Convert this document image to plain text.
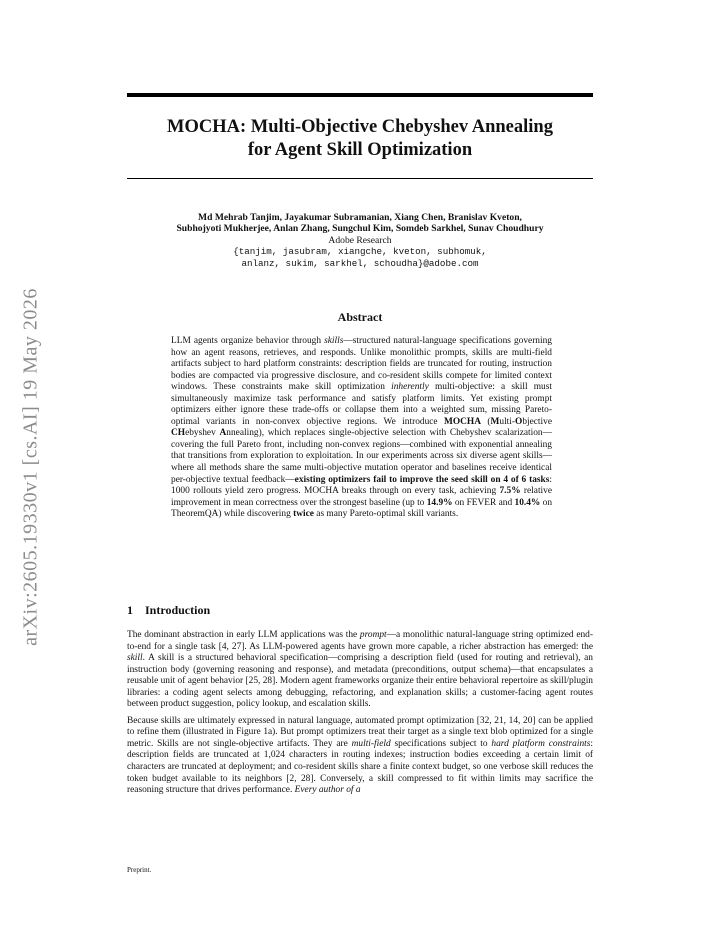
arXiv:2605.19330v1 [cs.AI] 19 May 2026
MOCHA: Multi-Objective Chebyshev Annealing
for Agent Skill Optimization
Md Mehrab Tanjim, Jayakumar Subramanian, Xiang Chen, Branislav Kveton,
Subhojyoti Mukherjee, Anlan Zhang, Sungchul Kim, Somdeb Sarkhel, Sunav Choudhury
Adobe Research
{tanjim, jasubram, xiangche, kveton, subhomuk,
anlanz, sukim, sarkhel, schoudha}@adobe.com
Abstract
LLM agents organize behavior through skills—structured natural-language specifications governing how an agent reasons, retrieves, and responds. Unlike monolithic prompts, skills are multi-field artifacts subject to hard platform constraints: description fields are truncated for routing, instruction bodies are compacted via progressive disclosure, and co-resident skills compete for limited context windows. These constraints make skill optimization inherently multi-objective: a skill must simultaneously maximize task performance and satisfy platform limits. Yet existing prompt optimizers either ignore these trade-offs or collapse them into a weighted sum, missing Pareto-optimal variants in non-convex objective regions. We introduce MOCHA (Multi-Objective CHebyshev Annealing), which replaces single-objective selection with Chebyshev scalarization— covering the full Pareto front, including non-convex regions—combined with exponential annealing that transitions from exploration to exploitation. In our experiments across six diverse agent skills—where all methods share the same multi-objective mutation operator and baselines receive identical per-objective textual feedback—existing optimizers fail to improve the seed skill on 4 of 6 tasks: 1000 rollouts yield zero progress. MOCHA breaks through on every task, achieving 7.5% relative improvement in mean correctness over the strongest baseline (up to 14.9% on FEVER and 10.4% on TheoremQA) while discovering twice as many Pareto-optimal skill variants.
1 Introduction

The dominant abstraction in early LLM applications was the prompt—a monolithic natural-language string optimized end-to-end for a single task [4, 27]. As LLM-powered agents have grown more capable, a richer abstraction has emerged: the skill. A skill is a structured behavioral specification—comprising a description field (used for routing and retrieval), an instruction body (governing reasoning and response), and metadata (preconditions, output schema)—that encapsulates a reusable unit of agent behavior [25, 28]. Modern agent frameworks organize their entire behavioral repertoire as skill/plugin libraries: a coding agent selects among debugging, refactoring, and explanation skills; a customer-facing agent routes between product suggestion, policy lookup, and escalation skills.

Because skills are ultimately expressed in natural language, automated prompt optimization [32, 21, 14, 20] can be applied to refine them (illustrated in Figure 1a). But prompt optimizers treat their target as a single text blob optimized for a single metric. Skills are not single-objective artifacts. They are multi-field specifications subject to hard platform constraints: description fields are truncated at 1,024 characters in routing indexes; instruction bodies exceeding a certain limit of characters are truncated at deployment; and co-resident skills share a finite context budget, so one verbose skill reduces the token budget available to its neighbors [2, 28]. Conversely, a skill compressed to fit within limits may sacrifice the reasoning structure that drives performance. Every author of a

Preprint.
